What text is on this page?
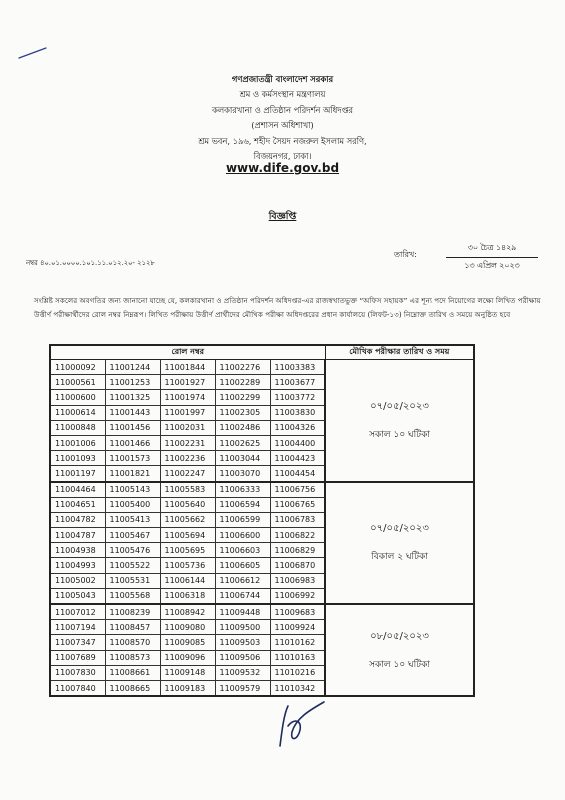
গণপ্রজাতন্ত্রী বাংলাদেশ সরকার
শ্রম ও কর্মসংস্থান মন্ত্রণালয়
কলকারখানা ও প্রতিষ্ঠান পরিদর্শন অধিদপ্তর
(প্রশাসন অধিশাখা)
শ্রম ভবন, ১৯৬, শহীদ সৈয়দ নজরুল ইসলাম সরণি,
বিজয়নগর, ঢাকা।
www.dife.gov.bd
বিজ্ঞপ্তি
নম্বর ৪০.০১.০০০০.১০১.১১.০১২.২০- ২১২৮
তারিখ:
৩০ চৈত্র ১৪২৯
১৩ এপ্রিল ২০২৩
সংশ্লিষ্ট সকলের অবগতির জন্য জানানো যাচ্ছে যে, কলকারখানা ও প্রতিষ্ঠান পরিদর্শন অধিদপ্তর-এর রাজস্বখাতভুক্ত “অফিস সহায়ক” এর শূন্য পদে নিয়োগের লক্ষ্যে লিখিত পরীক্ষায় উত্তীর্ণ পরীক্ষার্থীদের রোল নম্বর নিম্নরূপ। লিখিত পরীক্ষায় উত্তীর্ণ প্রার্থীদের মৌখিক পরীক্ষা অধিদপ্তরের প্রধান কার্যালয়ে (লিফট-১৩) নিম্নোক্ত তারিখ ও সময়ে অনুষ্ঠিত হবে
রোল নম্বর					মৌখিক পরীক্ষার তারিখ ও সময়
11000092	11001244	11001844	11002276	11003383	০৭/০৫/২০২৩
সকাল ১০ ঘটিকা

11000561	11001253	11001927	11002289	11003677	
11000600	11001325	11001974	11002299	11003772	
11000614	11001443	11001997	11002305	11003830	
11000848	11001456	11002031	11002486	11004326	
11001006	11001466	11002231	11002625	11004400	
11001093	11001573	11002236	11003044	11004423	
11001197	11001821	11002247	11003070	11004454	
11004464	11005143	11005583	11006333	11006756	০৭/০৫/২০২৩
বিকাল ২ ঘটিকা

11004651	11005400	11005640	11006594	11006765	
11004782	11005413	11005662	11006599	11006783	
11004787	11005467	11005694	11006600	11006822	
11004938	11005476	11005695	11006603	11006829	
11004993	11005522	11005736	11006605	11006870	
11005002	11005531	11006144	11006612	11006983	
11005043	11005568	11006318	11006744	11006992	
11007012	11008239	11008942	11009448	11009683	০৮/০৫/২০২৩
সকাল ১০ ঘটিকা

11007194	11008457	11009080	11009500	11009924	
11007347	11008570	11009085	11009503	11010162	
11007689	11008573	11009096	11009506	11010163	
11007830	11008661	11009148	11009532	11010216	
11007840	11008665	11009183	11009579	11010342	
